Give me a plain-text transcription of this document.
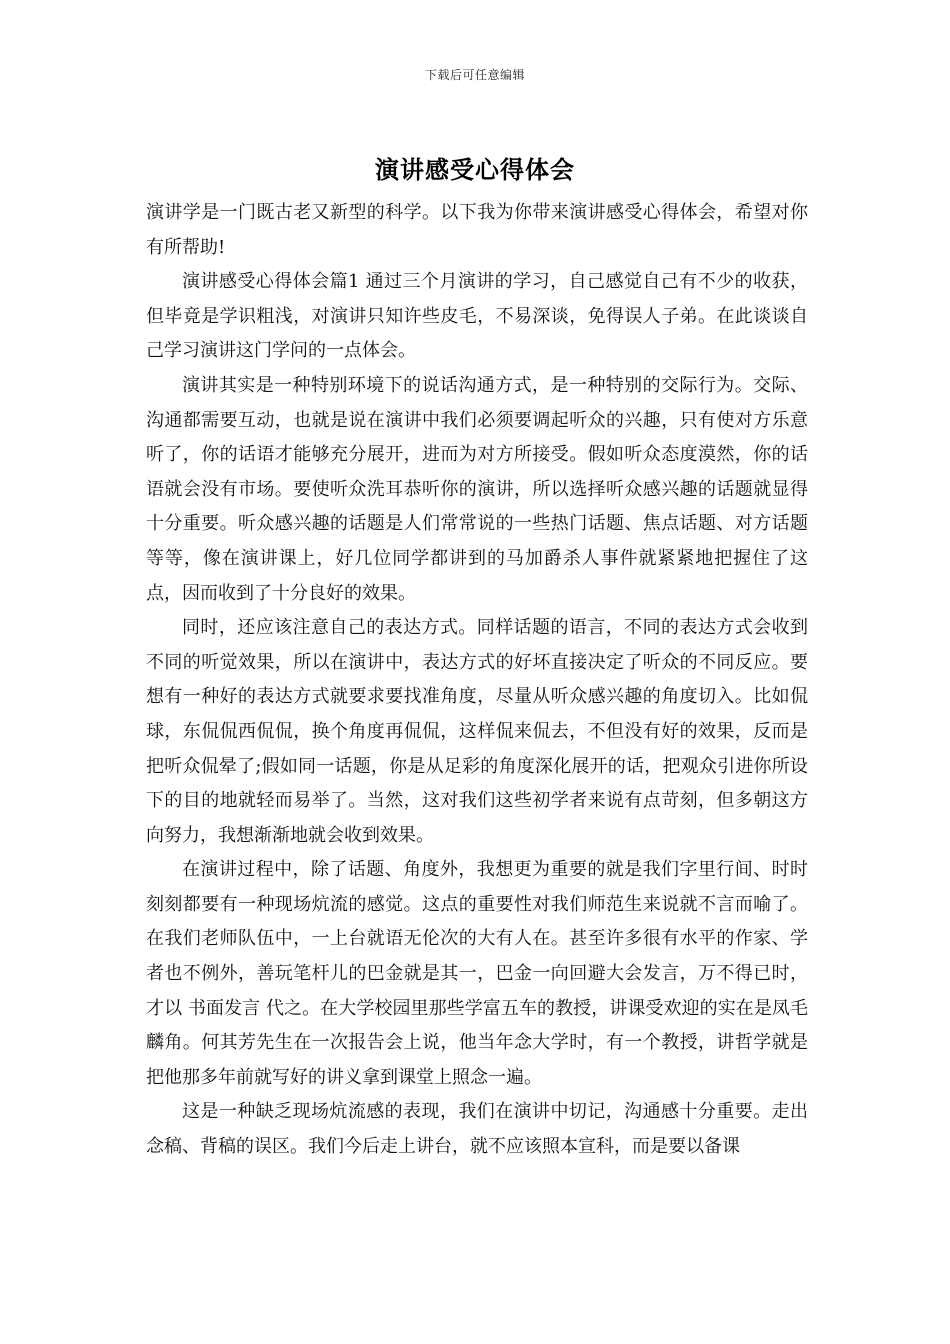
下载后可任意编辑
演讲感受心得体会

演讲学是一门既古老又新型的科学。以下我为你带来演讲感受心得体会，希望对你有所帮助!

演讲感受心得体会篇1 通过三个月演讲的学习，自己感觉自己有不少的收获，但毕竟是学识粗浅，对演讲只知许些皮毛，不易深谈，免得误人子弟。在此谈谈自己学习演讲这门学问的一点体会。

演讲其实是一种特别环境下的说话沟通方式，是一种特别的交际行为。交际、沟通都需要互动，也就是说在演讲中我们必须要调起听众的兴趣，只有使对方乐意听了，你的话语才能够充分展开，进而为对方所接受。假如听众态度漠然，你的话语就会没有市场。要使听众洗耳恭听你的演讲，所以选择听众感兴趣的话题就显得十分重要。听众感兴趣的话题是人们常常说的一些热门话题、焦点话题、对方话题等等，像在演讲课上，好几位同学都讲到的马加爵杀人事件就紧紧地把握住了这点，因而收到了十分良好的效果。

同时，还应该注意自己的表达方式。同样话题的语言，不同的表达方式会收到不同的听觉效果，所以在演讲中，表达方式的好坏直接决定了听众的不同反应。要想有一种好的表达方式就要求要找准角度，尽量从听众感兴趣的角度切入。比如侃球，东侃侃西侃侃，换个角度再侃侃，这样侃来侃去，不但没有好的效果，反而是把听众侃晕了;假如同一话题，你是从足彩的角度深化展开的话，把观众引进你所设下的目的地就轻而易举了。当然，这对我们这些初学者来说有点苛刻，但多朝这方向努力，我想渐渐地就会收到效果。

在演讲过程中，除了话题、角度外，我想更为重要的就是我们字里行间、时时刻刻都要有一种现场炕流的感觉。这点的重要性对我们师范生来说就不言而喻了。在我们老师队伍中，一上台就语无伦次的大有人在。甚至许多很有水平的作家、学者也不例外，善玩笔杆儿的巴金就是其一，巴金一向回避大会发言，万不得已时，才以 书面发言 代之。在大学校园里那些学富五车的教授，讲课受欢迎的实在是凤毛麟角。何其芳先生在一次报告会上说，他当年念大学时，有一个教授，讲哲学就是把他那多年前就写好的讲义拿到课堂上照念一遍。

这是一种缺乏现场炕流感的表现，我们在演讲中切记，沟通感十分重要。走出念稿、背稿的误区。我们今后走上讲台，就不应该照本宣科，而是要以备课
